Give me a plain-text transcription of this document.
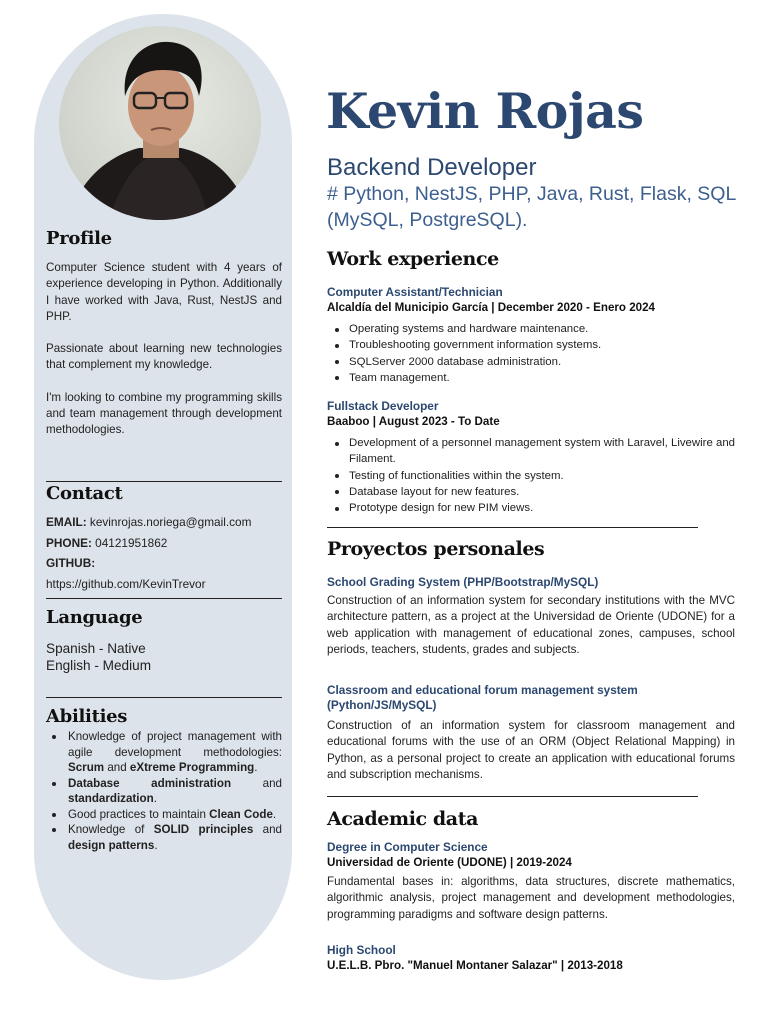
Profile

Computer Science student with 4 years of experience developing in Python. Additionally I have worked with Java, Rust, NestJS and PHP.

Passionate about learning new technologies that complement my knowledge.

I'm looking to combine my programming skills and team management through development methodologies.

Contact
EMAIL: kevinrojas.noriega@gmail.com
PHONE: 04121951862
GITHUB:
https://github.com/KevinTrevor
Language
Spanish - Native
English - Medium
Abilities
Knowledge of project management with agile development methodologies: Scrum and eXtreme Programming.
Database administration and standardization.
Good practices to maintain Clean Code.
Knowledge of SOLID principles and design patterns.
Kevin Rojas
Backend Developer
# Python, NestJS, PHP, Java, Rust, Flask, SQL (MySQL, PostgreSQL).
Work experience
Computer Assistant/Technician
Alcaldía del Municipio García | December 2020 - Enero 2024
Operating systems and hardware maintenance.
Troubleshooting government information systems.
SQLServer 2000 database administration.
Team management.
Fullstack Developer
Baaboo | August 2023 - To Date
Development of a personnel management system with Laravel, Livewire and Filament.
Testing of functionalities within the system.
Database layout for new features.
Prototype design for new PIM views.
Proyectos personales
School Grading System (PHP/Bootstrap/MySQL)

Construction of an information system for secondary institutions with the MVC architecture pattern, as a project at the Universidad de Oriente (UDONE) for a web application with management of educational zones, campuses, school periods, teachers, students, grades and subjects.

Classroom and educational forum management system (Python/JS/MySQL)

Construction of an information system for classroom management and educational forums with the use of an ORM (Object Relational Mapping) in Python, as a personal project to create an application with educational forums and subscription mechanisms.

Academic data
Degree in Computer Science
Universidad de Oriente (UDONE) | 2019-2024

Fundamental bases in: algorithms, data structures, discrete mathematics, algorithmic analysis, project management and development methodologies, programming paradigms and software design patterns.

High School
U.E.L.B. Pbro. "Manuel Montaner Salazar" | 2013-2018
